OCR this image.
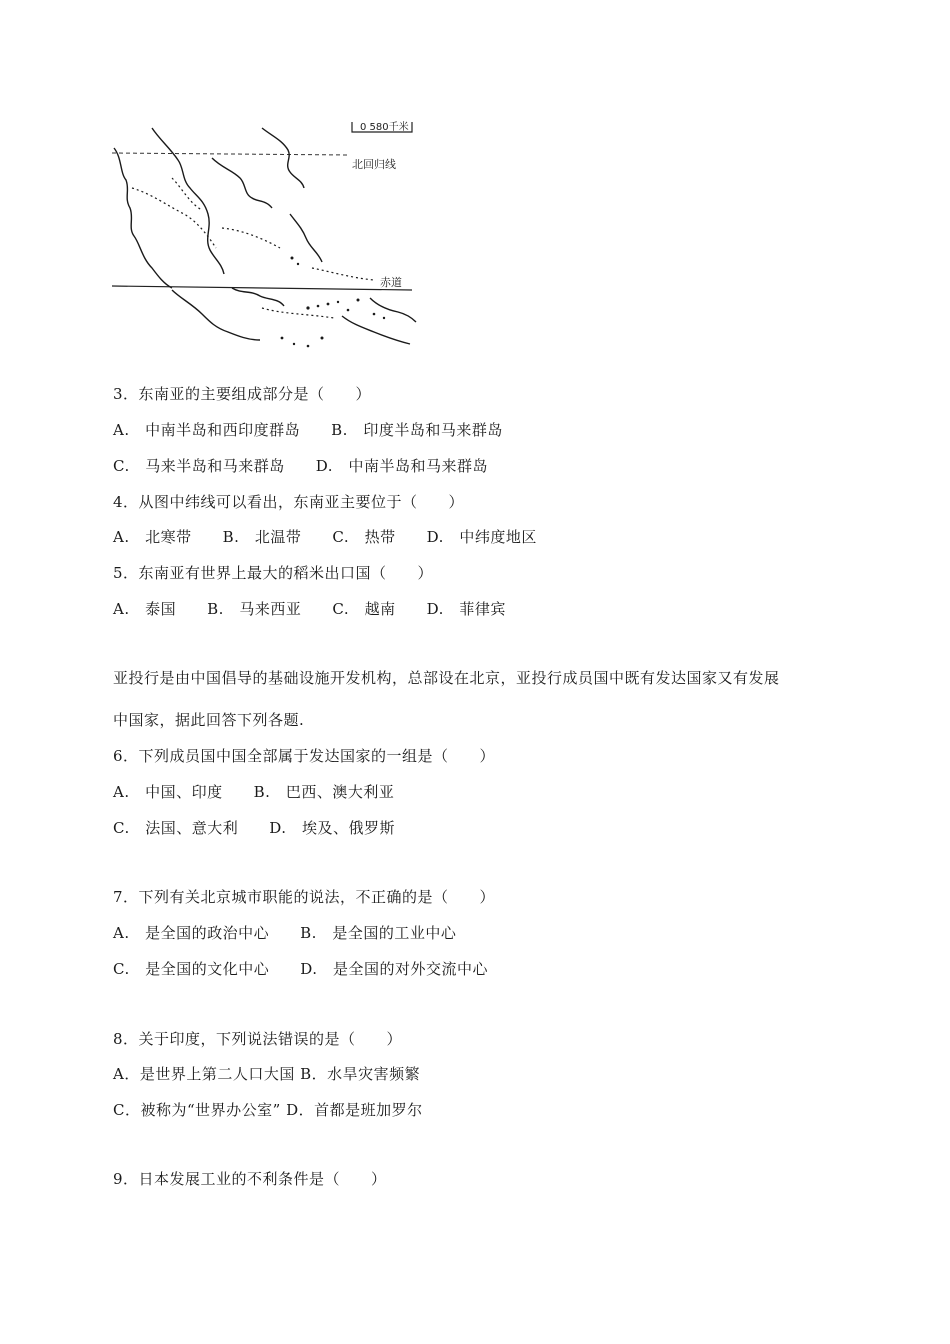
0 580千米
北回归线
赤道
3．东南亚的主要组成部分是（　　）
A.　中南半岛和西印度群岛　　B.　印度半岛和马来群岛
C.　马来半岛和马来群岛　　D.　中南半岛和马来群岛
4．从图中纬线可以看出，东南亚主要位于（　　）
A.　北寒带　　B.　北温带　　C.　热带　　D.　中纬度地区
5．东南亚有世界上最大的稻米出口国（　　）
A.　泰国　　B.　马来西亚　　C.　越南　　D.　菲律宾
亚投行是由中国倡导的基础设施开发机构，总部设在北京，亚投行成员国中既有发达国家又有发展
中国家，据此回答下列各题.
6．下列成员国中国全部属于发达国家的一组是（　　）
A.　中国、印度　　B.　巴西、澳大利亚
C.　法国、意大利　　D.　埃及、俄罗斯
7．下列有关北京城市职能的说法，不正确的是（　　）
A.　是全国的政治中心　　B.　是全国的工业中心
C.　是全国的文化中心　　D.　是全国的对外交流中心
8．关于印度，下列说法错误的是（　　）
A．是世界上第二人口大国 B．水旱灾害频繁
C．被称为“世界办公室” D．首都是班加罗尔
9．日本发展工业的不利条件是（　　）
